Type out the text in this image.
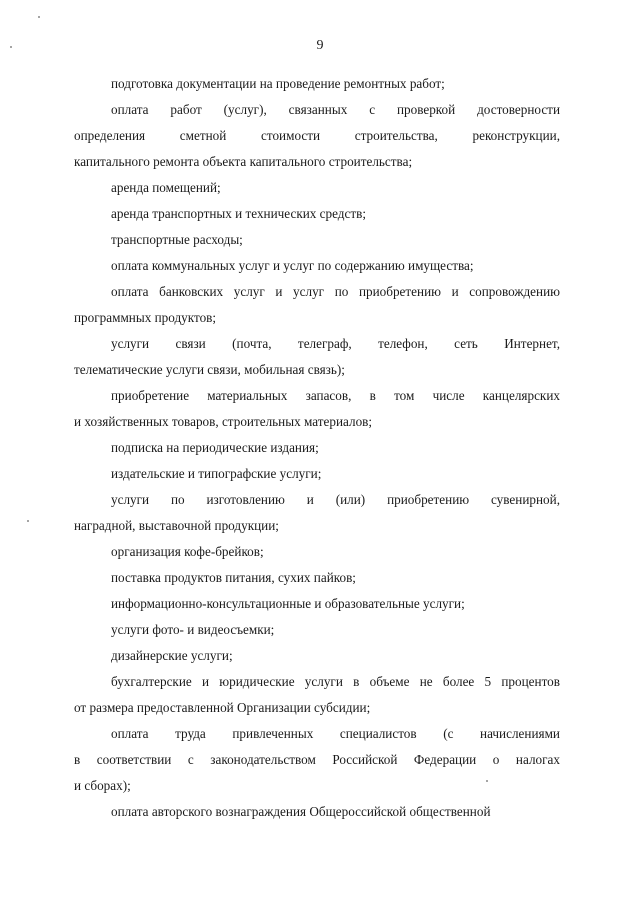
9

подготовка документации на проведение ремонтных работ;

оплата работ (услуг), связанных с проверкой достоверности
определения сметной стоимости строительства, реконструкции,
капитального ремонта объекта капитального строительства;

аренда помещений;

аренда транспортных и технических средств;

транспортные расходы;

оплата коммунальных услуг и услуг по содержанию имущества;

оплата банковских услуг и услуг по приобретению и сопровождению
программных продуктов;

услуги связи (почта, телеграф, телефон, сеть Интернет,
телематические услуги связи, мобильная связь);

приобретение материальных запасов, в том числе канцелярских
и хозяйственных товаров, строительных материалов;

подписка на периодические издания;

издательские и типографские услуги;

услуги по изготовлению и (или) приобретению сувенирной,
наградной, выставочной продукции;

организация кофе-брейков;

поставка продуктов питания, сухих пайков;

информационно-консультационные и образовательные услуги;

услуги фото- и видеосъемки;

дизайнерские услуги;

бухгалтерские и юридические услуги в объеме не более 5 процентов
от размера предоставленной Организации субсидии;

оплата труда привлеченных специалистов (с начислениями
в соответствии с законодательством Российской Федерации о налогах
и сборах);

оплата авторского вознаграждения Общероссийской общественной
